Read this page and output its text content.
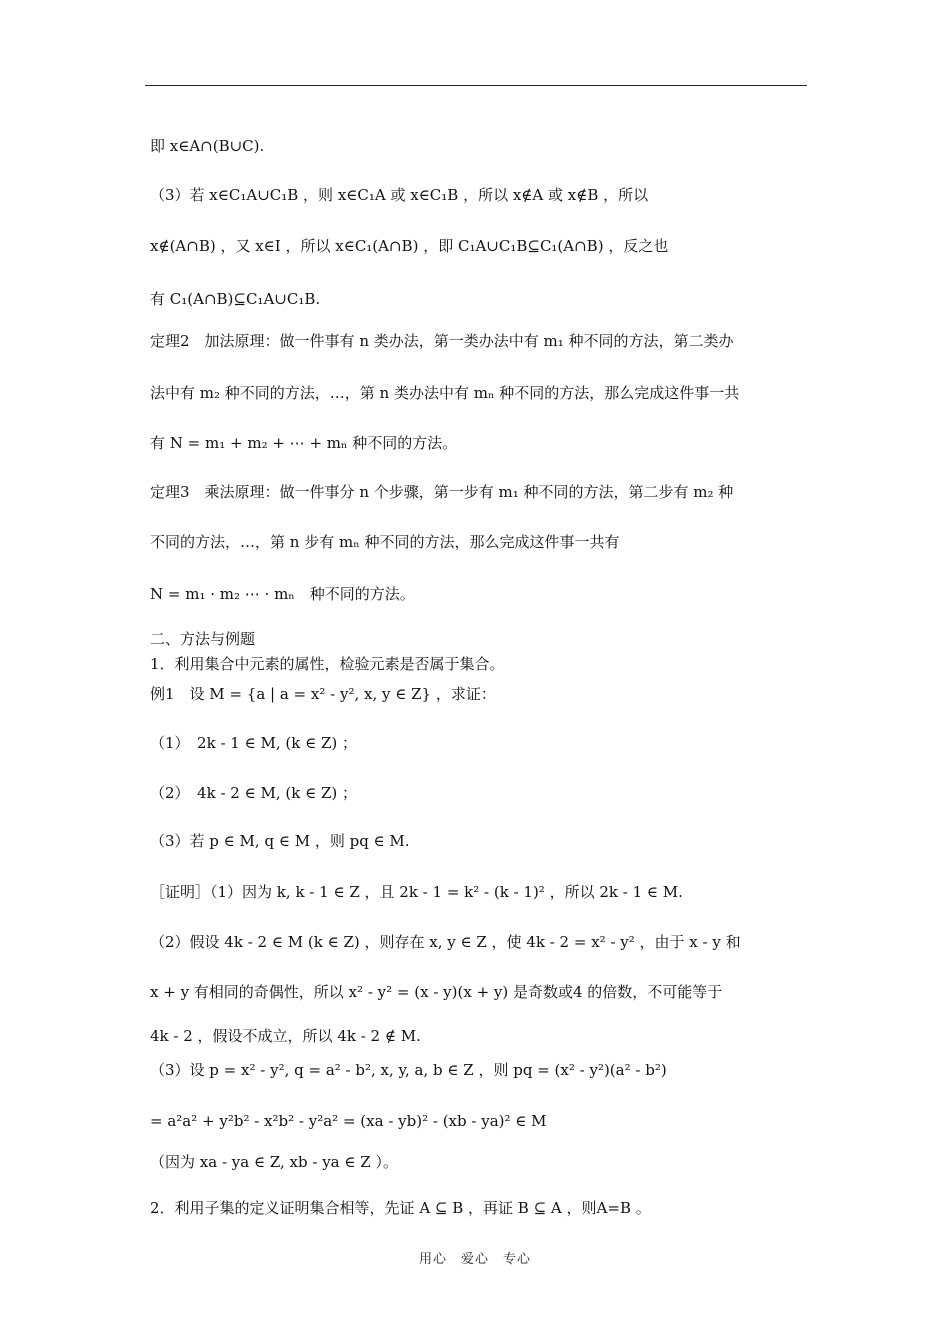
即 x∈A∩(B∪C).
（3）若 x∈C₁A∪C₁B ，则 x∈C₁A 或 x∈C₁B ，所以 x∉A 或 x∉B ，所以
x∉(A∩B) ，又 x∈I ，所以 x∈C₁(A∩B) ，即 C₁A∪C₁B⊆C₁(A∩B) ，反之也
有 C₁(A∩B)⊆C₁A∪C₁B.
定理2　加法原理：做一件事有 n 类办法，第一类办法中有 m₁ 种不同的方法，第二类办
法中有 m₂ 种不同的方法，…，第 n 类办法中有 mₙ 种不同的方法，那么完成这件事一共
有 N = m₁ + m₂ + ⋯ + mₙ 种不同的方法。
定理3　乘法原理：做一件事分 n 个步骤，第一步有 m₁ 种不同的方法，第二步有 m₂ 种
不同的方法，…，第 n 步有 mₙ 种不同的方法，那么完成这件事一共有
N = m₁ · m₂ ⋯ · mₙ　种不同的方法。
二、方法与例题
1．利用集合中元素的属性，检验元素是否属于集合。
例1　设 M = {a | a = x² - y², x, y ∈ Z} ，求证：
（1）　2k - 1 ∈ M, (k ∈ Z) ；
（2）　4k - 2 ∈ M, (k ∈ Z) ；
（3）若 p ∈ M, q ∈ M ，则 pq ∈ M.
［证明］（1）因为 k, k - 1 ∈ Z ，且 2k - 1 = k² - (k - 1)² ，所以 2k - 1 ∈ M.
（2）假设 4k - 2 ∈ M (k ∈ Z) ，则存在 x, y ∈ Z ，使 4k - 2 = x² - y² ，由于 x - y 和
x + y 有相同的奇偶性，所以 x² - y² = (x - y)(x + y) 是奇数或4 的倍数，不可能等于
4k - 2 ，假设不成立，所以 4k - 2 ∉ M.
（3）设 p = x² - y², q = a² - b², x, y, a, b ∈ Z ，则 pq = (x² - y²)(a² - b²)
= a²a² + y²b² - x²b² - y²a² = (xa - yb)² - (xb - ya)² ∈ M
（因为 xa - ya ∈ Z, xb - ya ∈ Z ）。
2．利用子集的定义证明集合相等，先证 A ⊆ B ，再证 B ⊆ A ，则A=B 。
用心　爱心　专心
